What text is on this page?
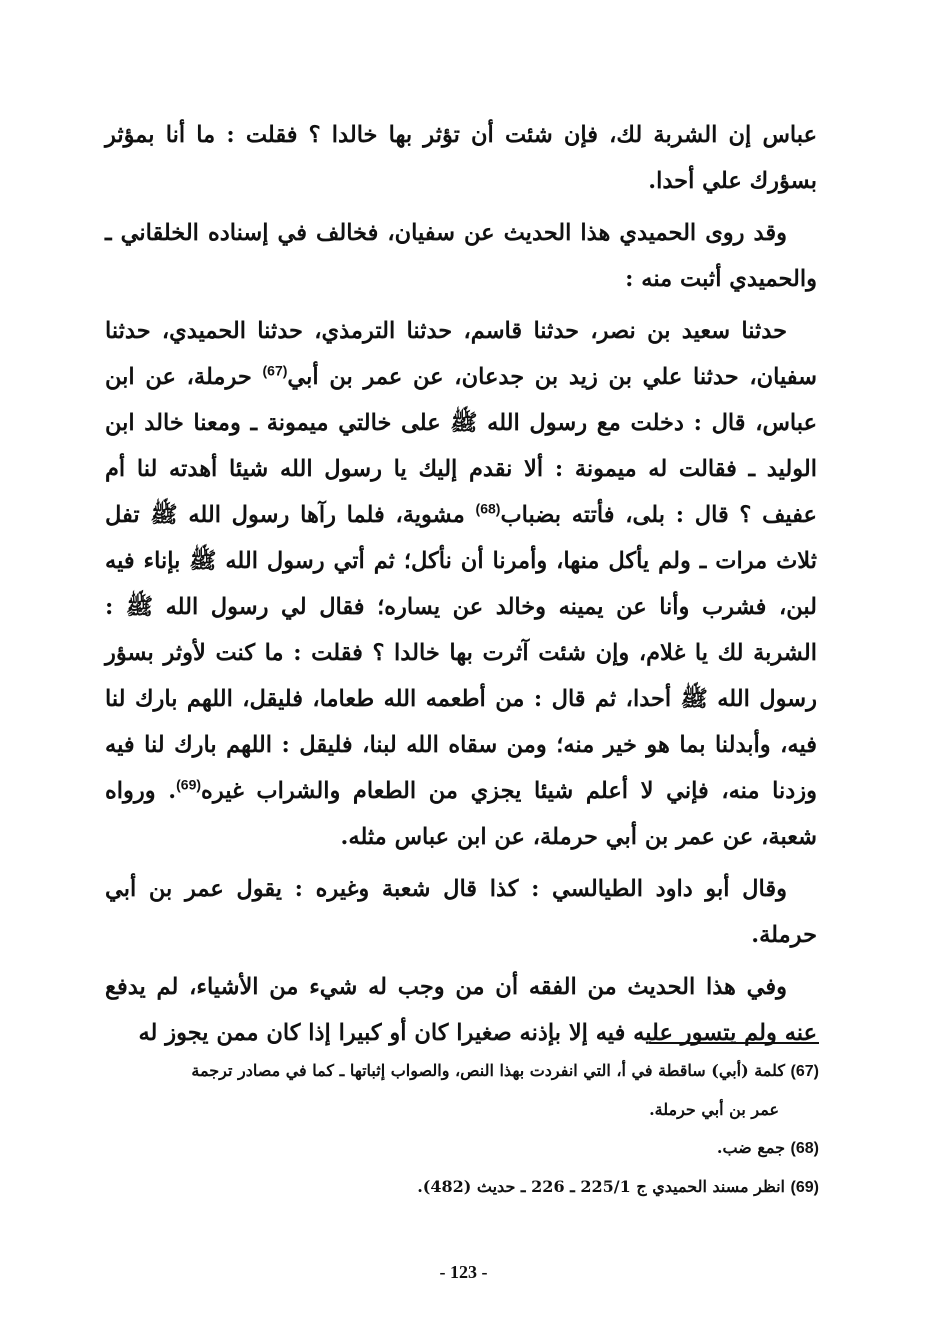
عباس إن الشربة لك، فإن شئت أن تؤثر بها خالدا ؟ فقلت : ما أنا بمؤثر بسؤرك علي أحدا.

وقد روى الحميدي هذا الحديث عن سفيان، فخالف في إسناده الخلقاني ـ والحميدي أثبت منه :

حدثنا سعيد بن نصر، حدثنا قاسم، حدثنا الترمذي، حدثنا الحميدي، حدثنا سفيان، حدثنا علي بن زيد بن جدعان، عن عمر بن أبي$^{(67)}$ حرملة، عن ابن عباس، قال : دخلت مع رسول الله ﷺ على خالتي ميمونة ـ ومعنا خالد ابن الوليد ـ فقالت له ميمونة : ألا نقدم إليك يا رسول الله شيئا أهدته لنا أم عفيف ؟ قال : بلى، فأتته بضباب$^{(68)}$ مشوية، فلما رآها رسول الله ﷺ تفل ثلاث مرات ـ ولم يأكل منها، وأمرنا أن نأكل؛ ثم أتي رسول الله ﷺ بإناء فيه لبن، فشرب وأنا عن يمينه وخالد عن يساره؛ فقال لي رسول الله ﷺ : الشربة لك يا غلام، وإن شئت آثرت بها خالدا ؟ فقلت : ما كنت لأوثر بسؤر رسول الله ﷺ أحدا، ثم قال : من أطعمه الله طعاما، فليقل، اللهم بارك لنا فيه، وأبدلنا بما هو خير منه؛ ومن سقاه الله لبنا، فليقل : اللهم بارك لنا فيه وزدنا منه، فإني لا أعلم شيئا يجزي من الطعام والشراب غيره$^{(69)}$. ورواه شعبة، عن عمر بن أبي حرملة، عن ابن عباس مثله.

وقال أبو داود الطيالسي : كذا قال شعبة وغيره : يقول عمر بن أبي حرملة.

وفي هذا الحديث من الفقه أن من وجب له شيء من الأشياء، لم يدفع عنه ولم يتسور عليه فيه إلا بإذنه صغيرا كان أو كبيرا إذا كان ممن يجوز له

(67) كلمة (أبي) ساقطة في أ، التي انفردت بهذا النص، والصواب إثباتها ـ كما في مصادر ترجمة

عمر بن أبي حرملة.

(68) جمع ضب.

(69) انظر مسند الحميدي ج 225/1 ـ 226 ـ حديث (482).

- 123 -
